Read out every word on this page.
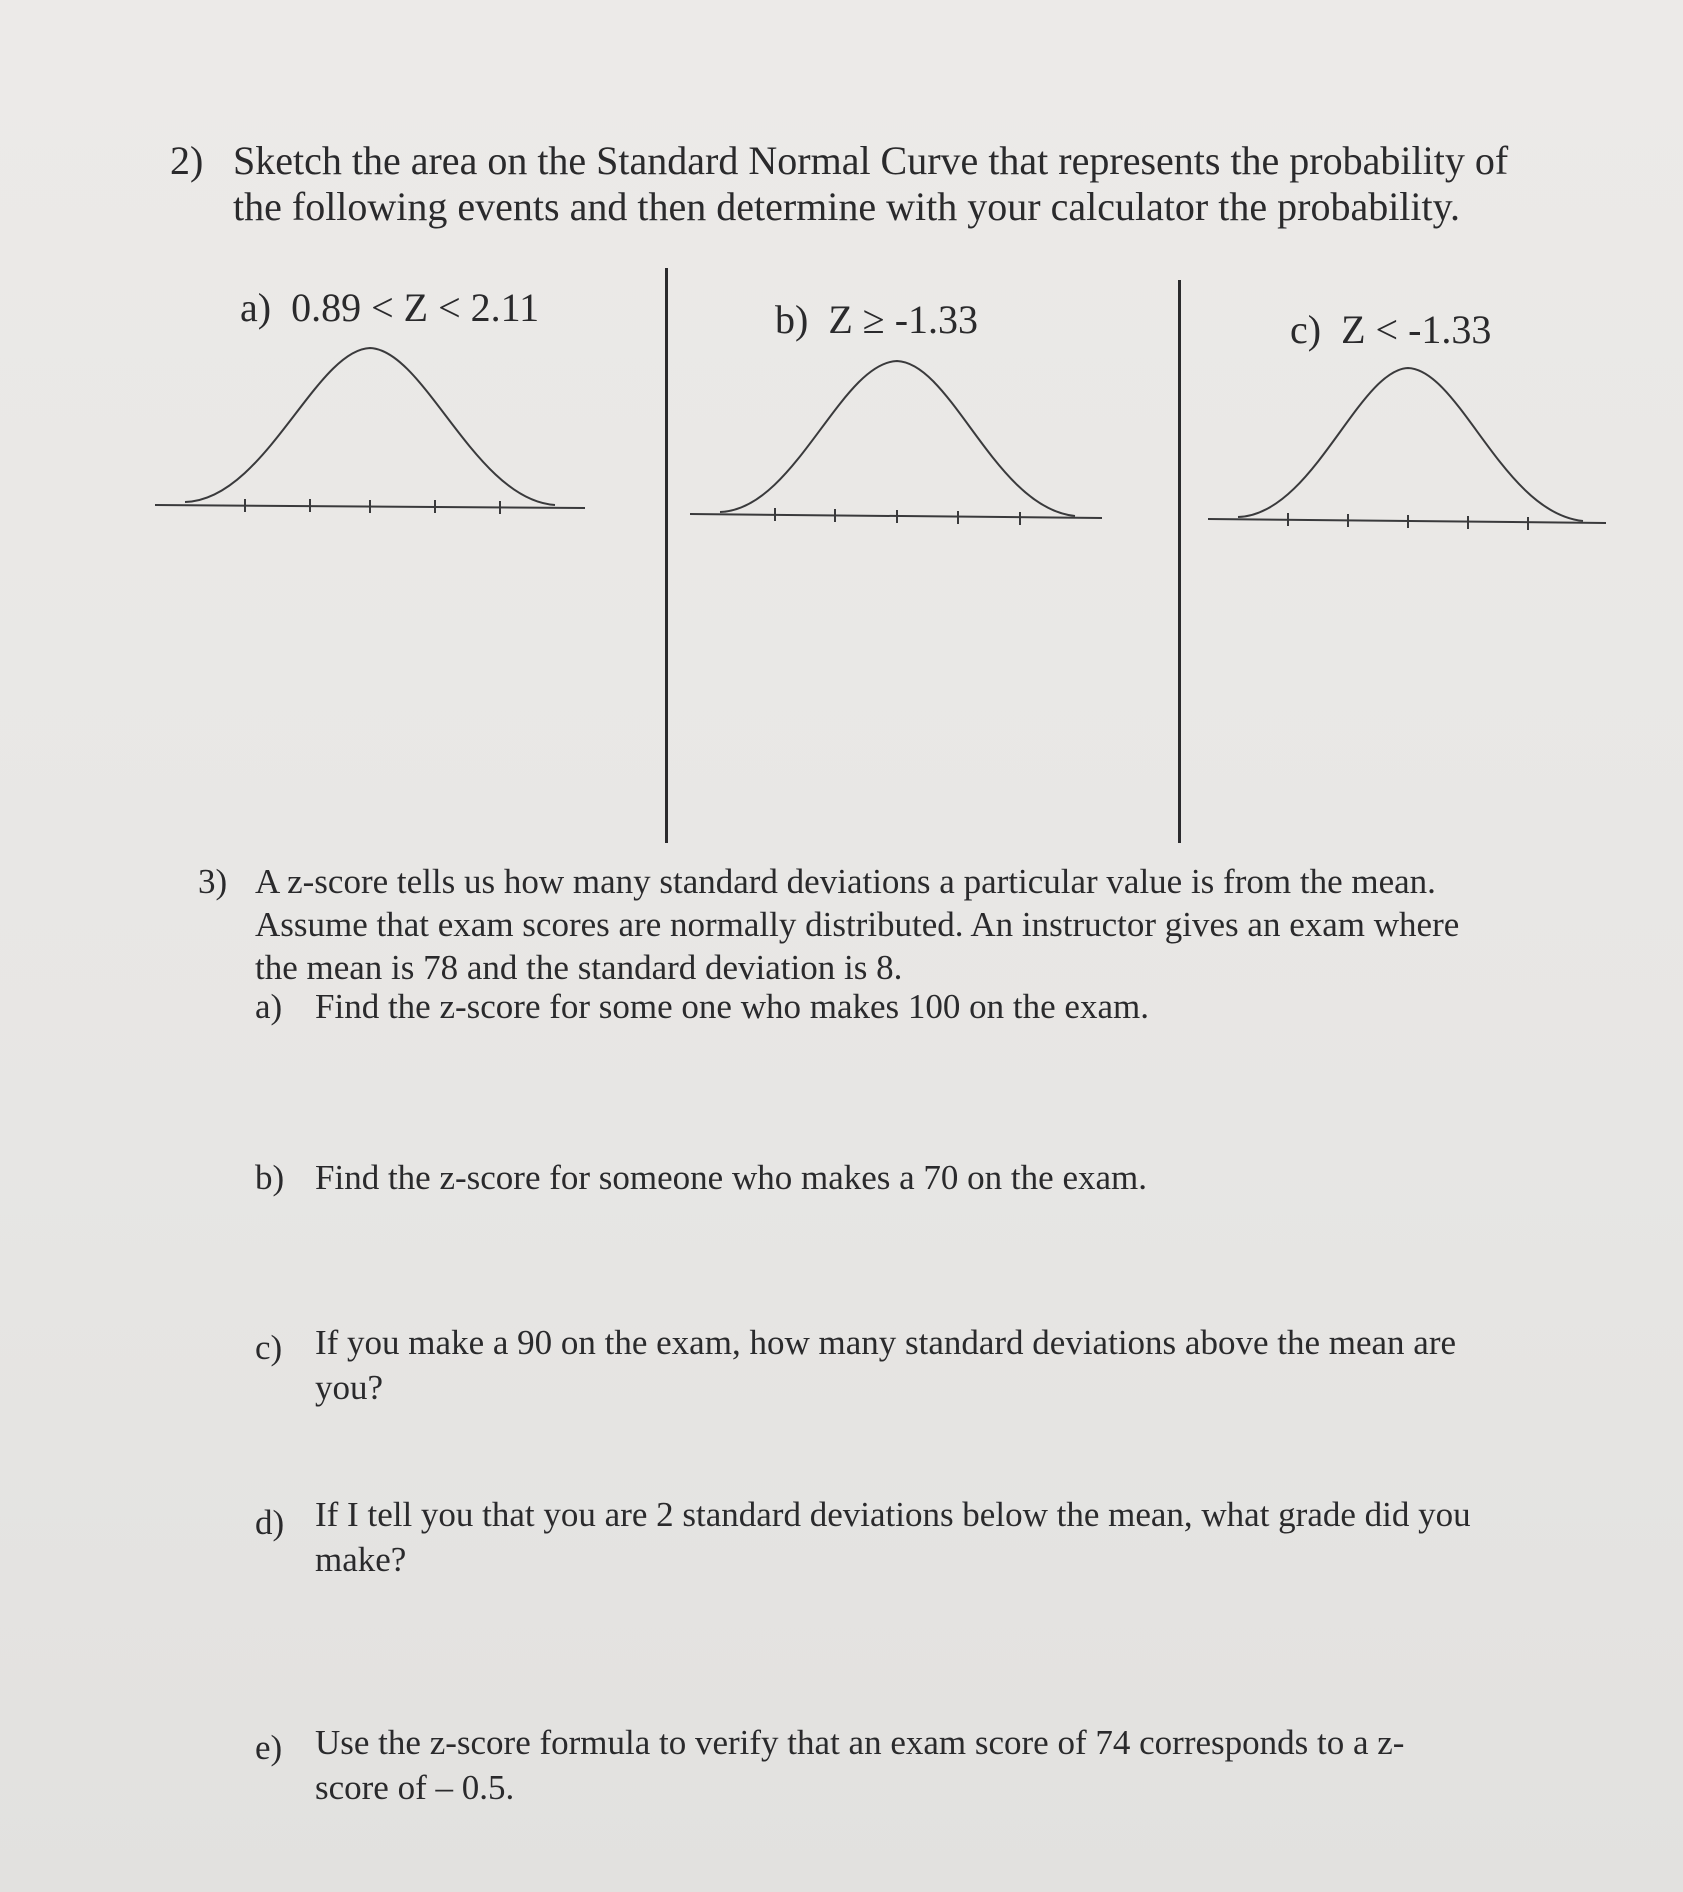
2) Sketch the area on the Standard Normal Curve that represents the probability of the following events and then determine with your calculator the probability.
a) 0.89 < Z < 2.11	b) Z ≥ -1.33	c) Z < -1.33
3) A z-score tells us how many standard deviations a particular value is from the mean. Assume that exam scores are normally distributed. An instructor gives an exam where the mean is 78 and the standard deviation is 8.
a) Find the z-score for some one who makes 100 on the exam.
b) Find the z-score for someone who makes a 70 on the exam.
c) If you make a 90 on the exam, how many standard deviations above the mean are you?
d) If I tell you that you are 2 standard deviations below the mean, what grade did you make?
e) Use the z-score formula to verify that an exam score of 74 corresponds to a z-score of – 0.5.
